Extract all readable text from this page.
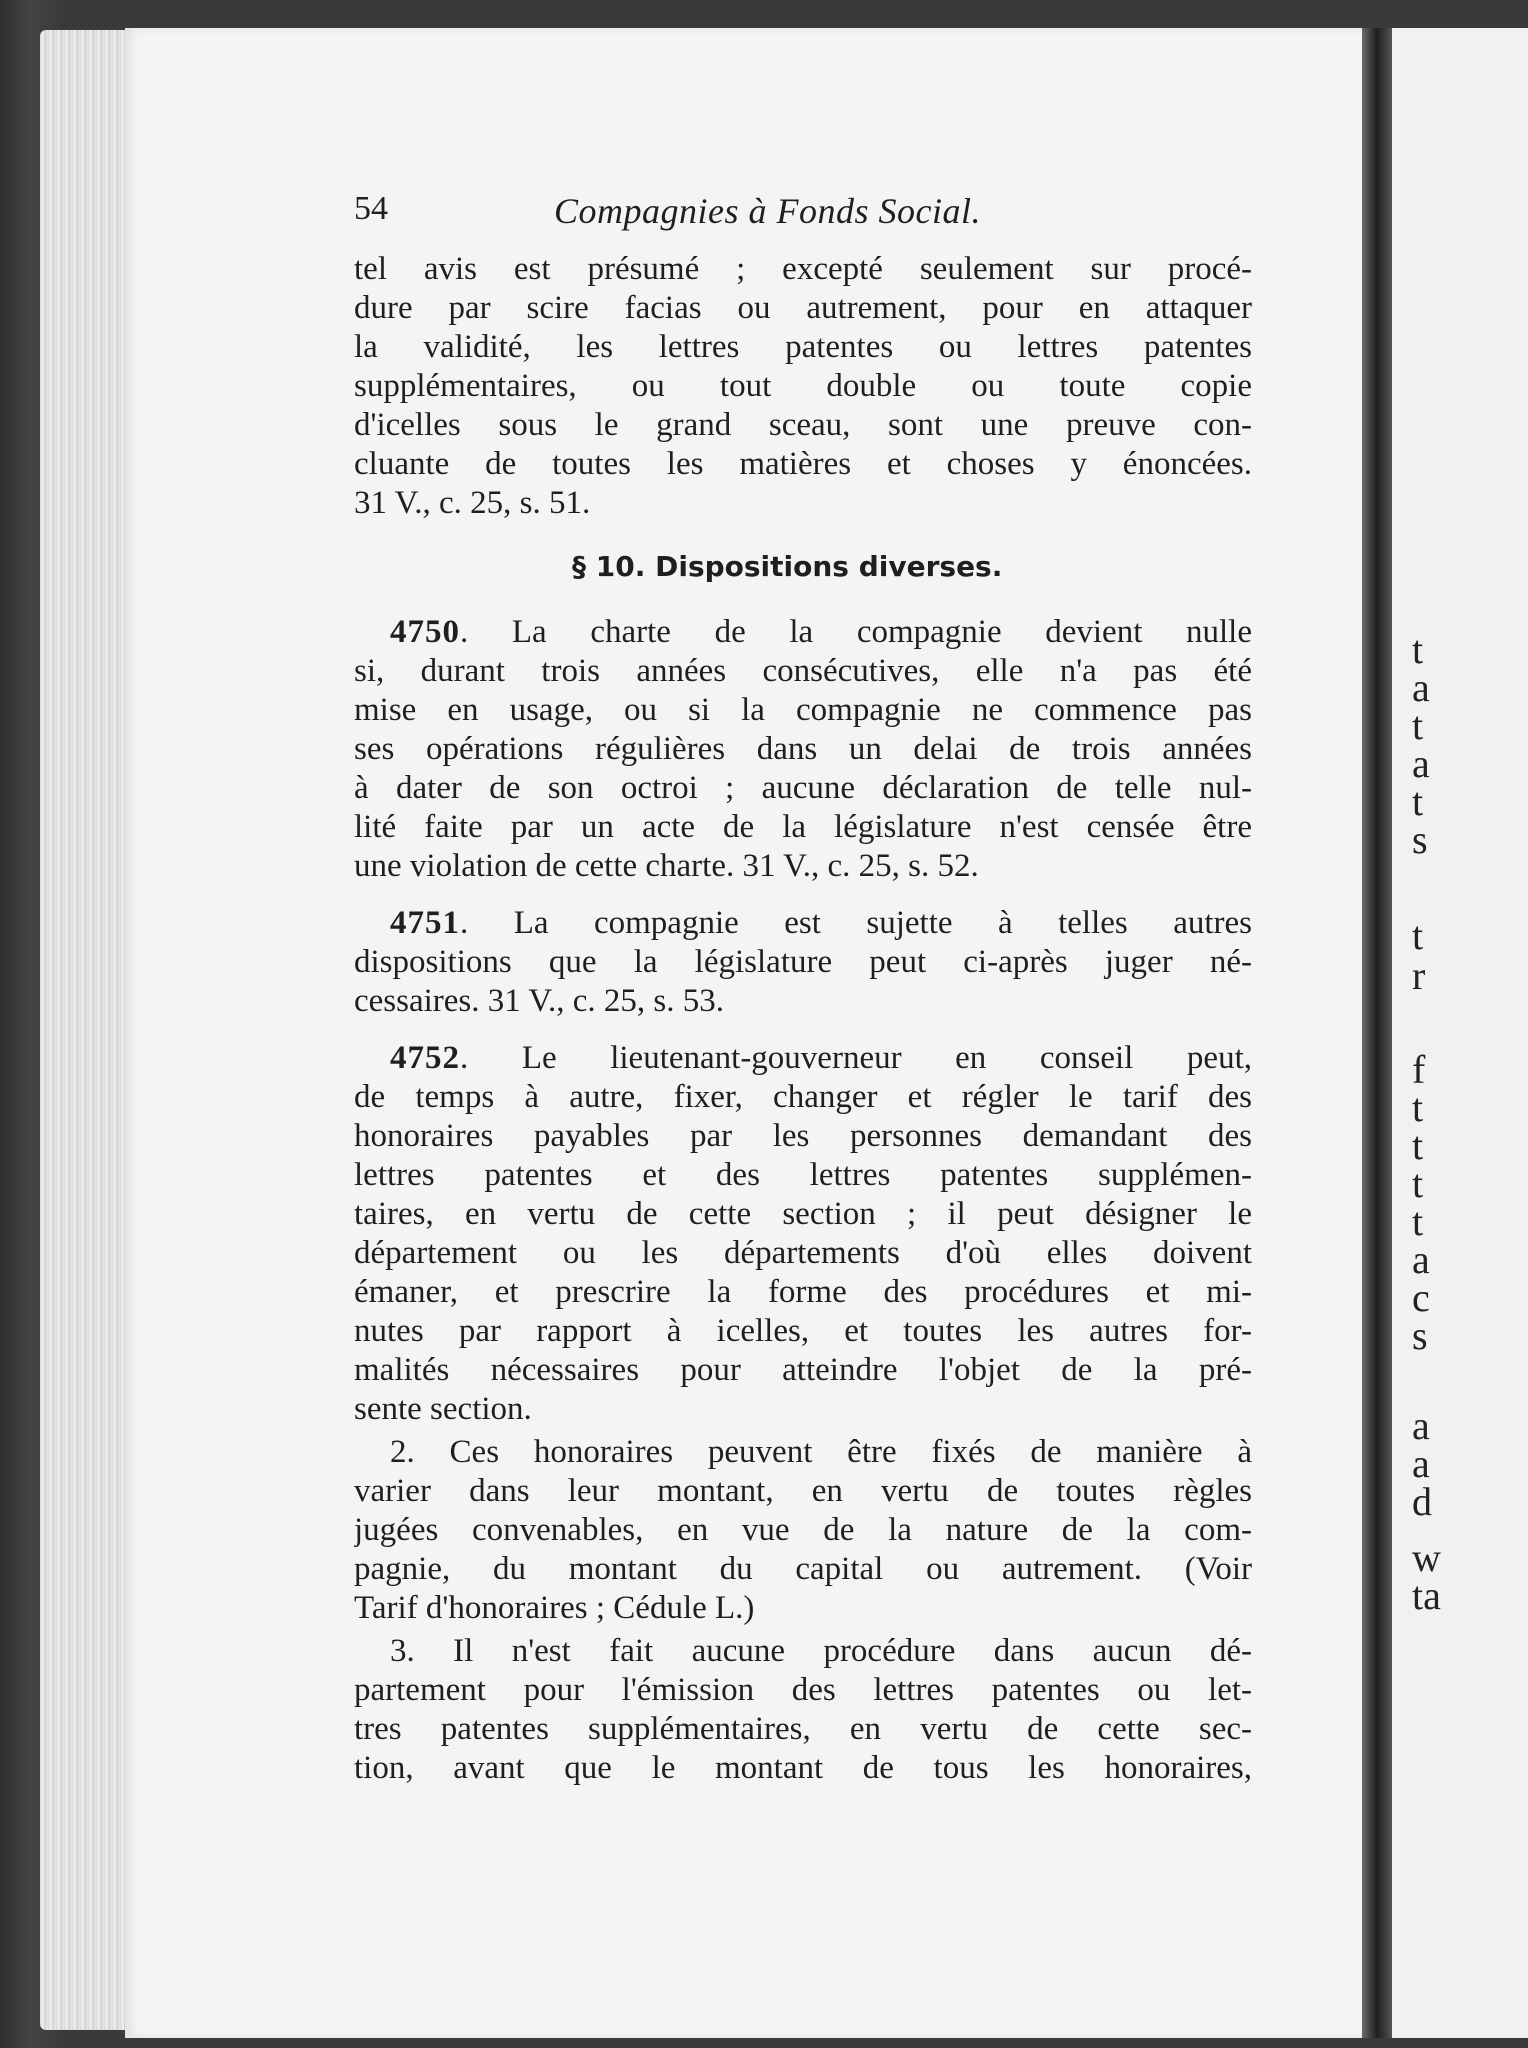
t
a
t
a
t
s
t
r
f
t
t
t
t
a
c
s
a
a
d
w
ta
54	Compagnies à Fonds Social.
tel avis est présumé ; excepté seulement sur procé-
dure par scire facias ou autrement, pour en attaquer
la validité, les lettres patentes ou lettres patentes
supplémentaires, ou tout double ou toute copie
d'icelles sous le grand sceau, sont une preuve con-
cluante de toutes les matières et choses y énoncées.
31 V., c. 25, s. 51.
§ 10. Dispositions diverses.
4750. La charte de la compagnie devient nulle
si, durant trois années consécutives, elle n'a pas été
mise en usage, ou si la compagnie ne commence pas
ses opérations régulières dans un delai de trois années
à dater de son octroi ; aucune déclaration de telle nul-
lité faite par un acte de la législature n'est censée être
une violation de cette charte. 31 V., c. 25, s. 52.
4751. La compagnie est sujette à telles autres
dispositions que la législature peut ci-après juger né-
cessaires. 31 V., c. 25, s. 53.
4752. Le lieutenant-gouverneur en conseil peut,
de temps à autre, fixer, changer et régler le tarif des
honoraires payables par les personnes demandant des
lettres patentes et des lettres patentes supplémen-
taires, en vertu de cette section ; il peut désigner le
département ou les départements d'où elles doivent
émaner, et prescrire la forme des procédures et mi-
nutes par rapport à icelles, et toutes les autres for-
malités nécessaires pour atteindre l'objet de la pré-
sente section.
2. Ces honoraires peuvent être fixés de manière à
varier dans leur montant, en vertu de toutes règles
jugées convenables, en vue de la nature de la com-
pagnie, du montant du capital ou autrement. (Voir
Tarif d'honoraires ; Cédule L.)
3. Il n'est fait aucune procédure dans aucun dé-
partement pour l'émission des lettres patentes ou let-
tres patentes supplémentaires, en vertu de cette sec-
tion, avant que le montant de tous les honoraires,
